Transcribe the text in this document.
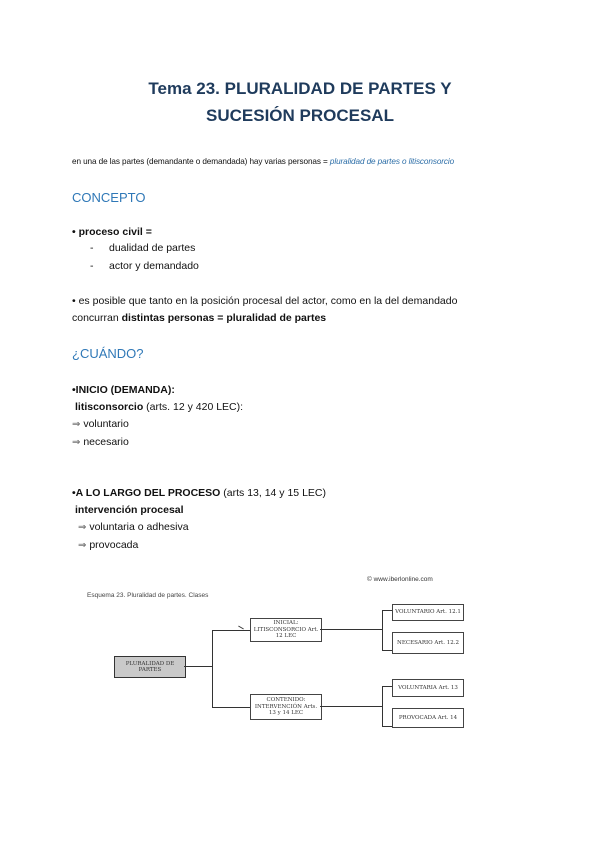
Tema 23. PLURALIDAD DE PARTES Y
SUCESIÓN PROCESAL
en una de las partes (demandante o demandada) hay varias personas = pluralidad de partes o litisconsorcio
CONCEPTO
• proceso civil =
- dualidad de partes
- actor y demandado
• es posible que tanto en la posición procesal del actor, como en la del demandado
concurran distintas personas = pluralidad de partes
¿CUÁNDO?
•INICIO (DEMANDA):
litisconsorcio (arts. 12 y 420 LEC):
⇒ voluntario
⇒ necesario
•A LO LARGO DEL PROCESO (arts 13, 14 y 15 LEC)
intervención procesal
⇒ voluntaria o adhesiva
⇒ provocada
© www.iberlonline.com
Esquema 23. Pluralidad de partes. Clases
PLURALIDAD DE PARTES
INICIAL: LITISCONSORCIO Art. 12 LEC
CONTENIDO: INTERVENCIÓN Arts. 13 y 14 LEC
VOLUNTARIO Art. 12.1
NECESARIO Art. 12.2
VOLUNTARIA Art. 13
PROVOCADA Art. 14
